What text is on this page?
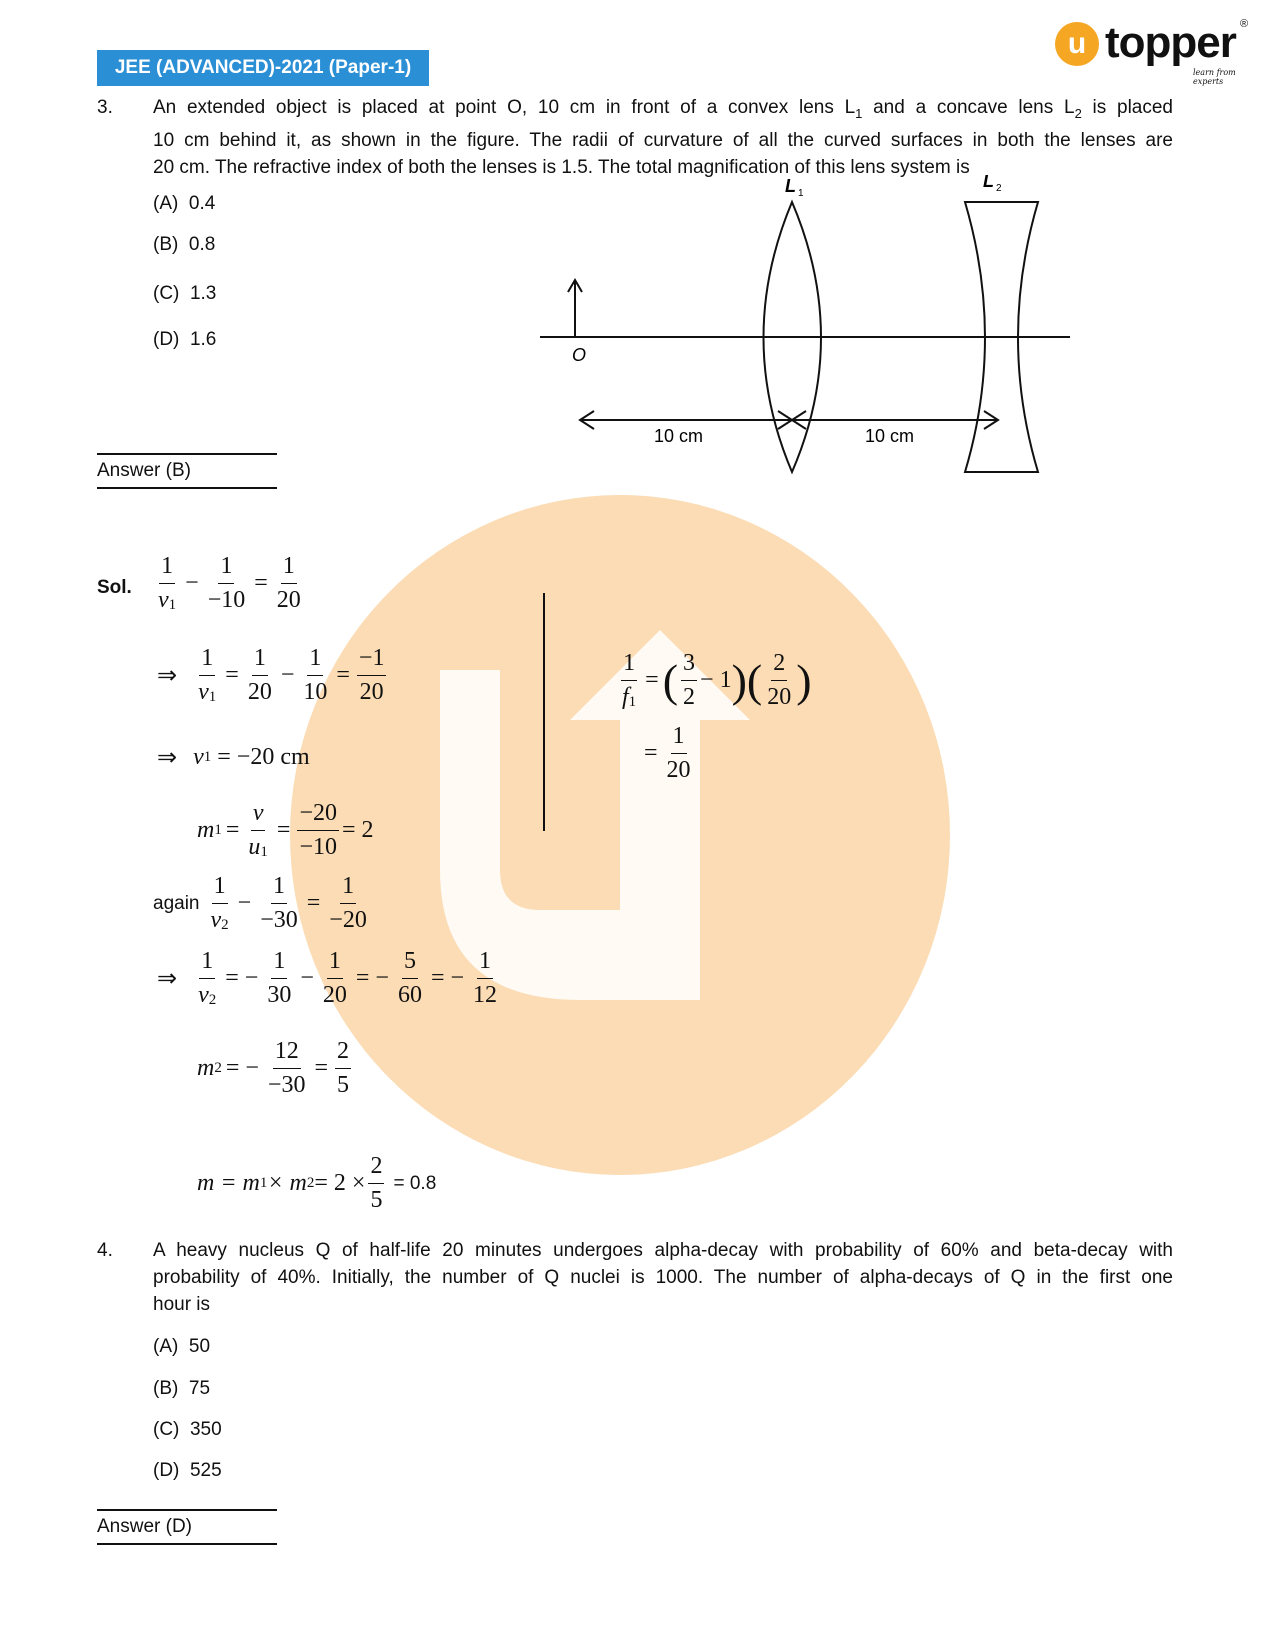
JEE (ADVANCED)-2021 (Paper-1)
u topper ®
learn from experts
3. An extended object is placed at point O, 10 cm in front of a convex lens $L_1$ and a concave lens $L_2$ is placed
10 cm behind it, as shown in the figure. The radii of curvature of all the curved surfaces in both the lenses are
20 cm. The refractive index of both the lenses is 1.5. The total magnification of this lens system is
(A) 0.4
(B) 0.8
(C) 1.3
(D) 1.6
O
L 1
L 2
10 cm	10 cm
Answer (B)
Sol. $\frac{1}{v1} - \frac{1}{-10} = \frac{1}{20}$
⇒ $\frac{1}{v1} = \frac{1}{20} - \frac{1}{10} = \frac{-1}{20}$
⇒ v 1 = −20 cm
m $1 = \frac{v}{u1} = \frac{-20}{-10} = 2$
again $\frac{1}{v2} - \frac{1}{-30} = \frac{1}{-20}$
⇒ $\frac{1}{v2}$ = − $\frac{1}{30} - \frac{1}{20}$ = − $\frac{5}{60}$ = − $\frac{1}{12}$
m 2 = − $\frac{12}{-30} = \frac{2}{5}$
m = m 1 × m $2 = 2 \times \frac{2}{5} = 0.8$
$\frac{1}{f1}$ = ( $\frac{3}{2} - 1$ )( $\frac{2}{20}$ )
= $\frac{1}{20}$
4. A heavy nucleus Q of half-life 20 minutes undergoes alpha-decay with probability of 60% and beta-decay with
probability of 40%. Initially, the number of Q nuclei is 1000. The number of alpha-decays of Q in the first one
hour is
(A) 50
(B) 75
(C) 350
(D) 525
Answer (D)
